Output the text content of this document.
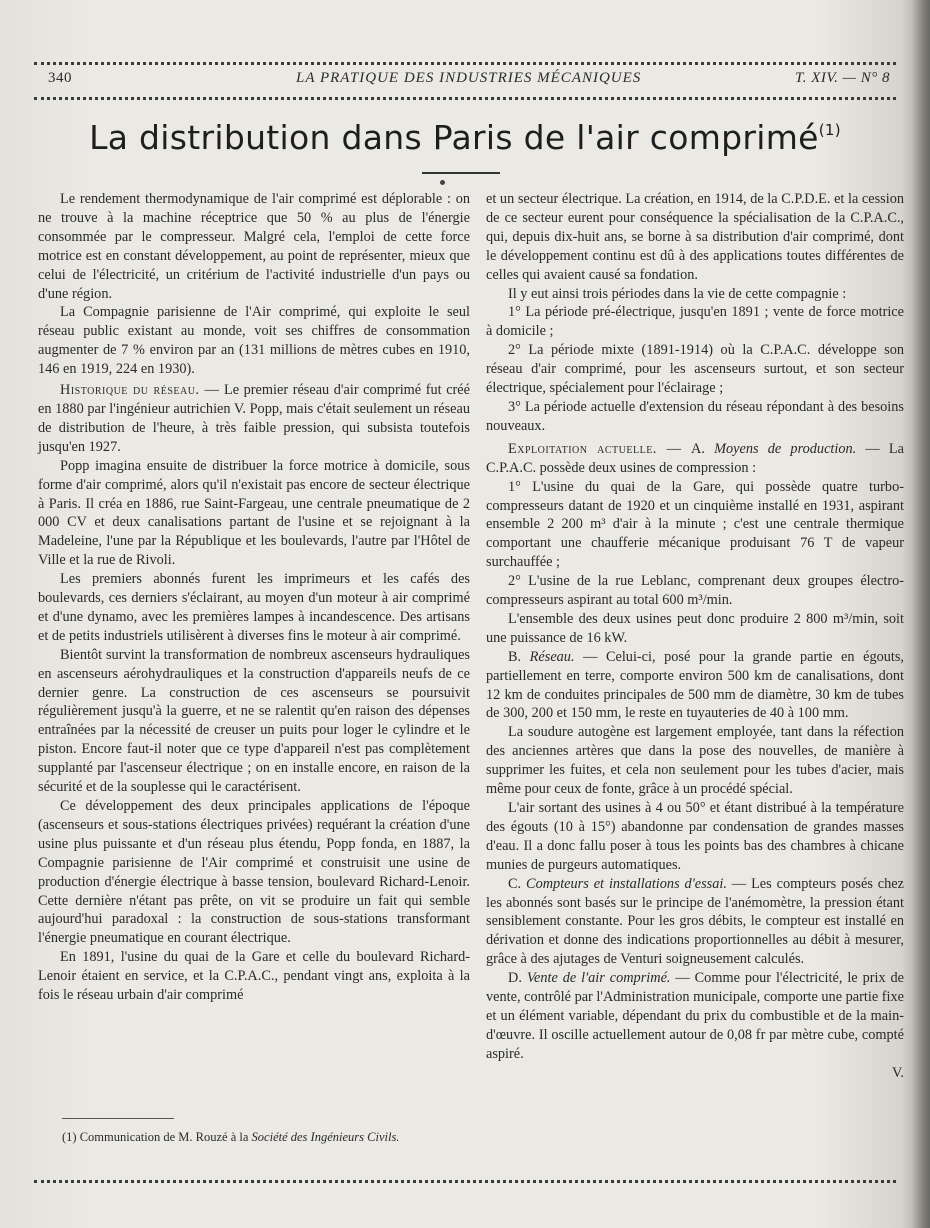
340	LA PRATIQUE DES INDUSTRIES MÉCANIQUES	T. XIV. — N° 8
La distribution dans Paris de l'air comprimé$^{(1)}$

Le rendement thermodynamique de l'air comprimé est déplorable : on ne trouve à la machine réceptrice que 50 % au plus de l'énergie consommée par le compresseur. Malgré cela, l'emploi de cette force motrice est en constant développement, au point de représenter, mieux que celui de l'électricité, un critérium de l'activité industrielle d'un pays ou d'une région.

La Compagnie parisienne de l'Air comprimé, qui exploite le seul réseau public existant au monde, voit ses chiffres de consommation augmenter de 7 % environ par an (131 millions de mètres cubes en 1910, 146 en 1919, 224 en 1930).

Historique du réseau. — Le premier réseau d'air comprimé fut créé en 1880 par l'ingénieur autrichien V. Popp, mais c'était seulement un réseau de distribution de l'heure, à très faible pression, qui subsista toutefois jusqu'en 1927.

Popp imagina ensuite de distribuer la force motrice à domicile, sous forme d'air comprimé, alors qu'il n'existait pas encore de secteur électrique à Paris. Il créa en 1886, rue Saint-Fargeau, une centrale pneumatique de 2 000 CV et deux canalisations partant de l'usine et se rejoignant à la Madeleine, l'une par la République et les boulevards, l'autre par l'Hôtel de Ville et la rue de Rivoli.

Les premiers abonnés furent les imprimeurs et les cafés des boulevards, ces derniers s'éclairant, au moyen d'un moteur à air comprimé et d'une dynamo, avec les premières lampes à incandescence. Des artisans et de petits industriels utilisèrent à diverses fins le moteur à air comprimé.

Bientôt survint la transformation de nombreux ascenseurs hydrauliques en ascenseurs aérohydrauliques et la construction d'appareils neufs de ce dernier genre. La construction de ces ascenseurs se poursuivit régulièrement jusqu'à la guerre, et ne se ralentit qu'en raison des dépenses entraînées par la nécessité de creuser un puits pour loger le cylindre et le piston. Encore faut-il noter que ce type d'appareil n'est pas complètement supplanté par l'ascenseur électrique ; on en installe encore, en raison de la sécurité et de la souplesse qui le caractérisent.

Ce développement des deux principales applications de l'époque (ascenseurs et sous-stations électriques privées) requérant la création d'une usine plus puissante et d'un réseau plus étendu, Popp fonda, en 1887, la Compagnie parisienne de l'Air comprimé et construisit une usine de production d'énergie électrique à basse tension, boulevard Richard-Lenoir. Cette dernière n'étant pas prête, on vit se produire un fait qui semble aujourd'hui paradoxal : la construction de sous-stations transformant l'énergie pneumatique en courant électrique.

En 1891, l'usine du quai de la Gare et celle du boulevard Richard-Lenoir étaient en service, et la C.P.A.C., pendant vingt ans, exploita à la fois le réseau urbain d'air comprimé

(1) Communication de M. Rouzé à la Société des Ingénieurs Civils.

et un secteur électrique. La création, en 1914, de la C.P.D.E. et la cession de ce secteur eurent pour conséquence la spécialisation de la C.P.A.C., qui, depuis dix-huit ans, se borne à sa distribution d'air comprimé, dont le développement continu est dû à des applications toutes différentes de celles qui avaient causé sa fondation.

Il y eut ainsi trois périodes dans la vie de cette compagnie :

1° La période pré-électrique, jusqu'en 1891 ; vente de force motrice à domicile ;

2° La période mixte (1891-1914) où la C.P.A.C. développe son réseau d'air comprimé, pour les ascenseurs surtout, et son secteur électrique, spécialement pour l'éclairage ;

3° La période actuelle d'extension du réseau répondant à des besoins nouveaux.

Exploitation actuelle. — A. Moyens de production. — La C.P.A.C. possède deux usines de compression :

1° L'usine du quai de la Gare, qui possède quatre turbo-compresseurs datant de 1920 et un cinquième installé en 1931, aspirant ensemble 2 200 m³ d'air à la minute ; c'est une centrale thermique comportant une chaufferie mécanique produisant 76 T de vapeur surchauffée ;

2° L'usine de la rue Leblanc, comprenant deux groupes électro-compresseurs aspirant au total 600 m³/min.

L'ensemble des deux usines peut donc produire 2 800 m³/min, soit une puissance de 16 kW.

B. Réseau. — Celui-ci, posé pour la grande partie en égouts, partiellement en terre, comporte environ 500 km de canalisations, dont 12 km de conduites principales de 500 mm de diamètre, 30 km de tubes de 300, 200 et 150 mm, le reste en tuyauteries de 40 à 100 mm.

La soudure autogène est largement employée, tant dans la réfection des anciennes artères que dans la pose des nouvelles, de manière à supprimer les fuites, et cela non seulement pour les tubes d'acier, mais même pour ceux de fonte, grâce à un procédé spécial.

L'air sortant des usines à 4 ou 50° et étant distribué à la température des égouts (10 à 15°) abandonne par condensation de grandes masses d'eau. Il a donc fallu poser à tous les points bas des chambres à chicane munies de purgeurs automatiques.

C. Compteurs et installations d'essai. — Les compteurs posés chez les abonnés sont basés sur le principe de l'anémomètre, la pression étant sensiblement constante. Pour les gros débits, le compteur est installé en dérivation et donne des indications proportionnelles au débit à mesurer, grâce à des ajutages de Venturi soigneusement calculés.

D. Vente de l'air comprimé. — Comme pour l'électricité, le prix de vente, contrôlé par l'Administration municipale, comporte une partie fixe et un élément variable, dépendant du prix du combustible et de la main-d'œuvre. Il oscille actuellement autour de 0,08 fr par mètre cube, compté aspiré.

V.
